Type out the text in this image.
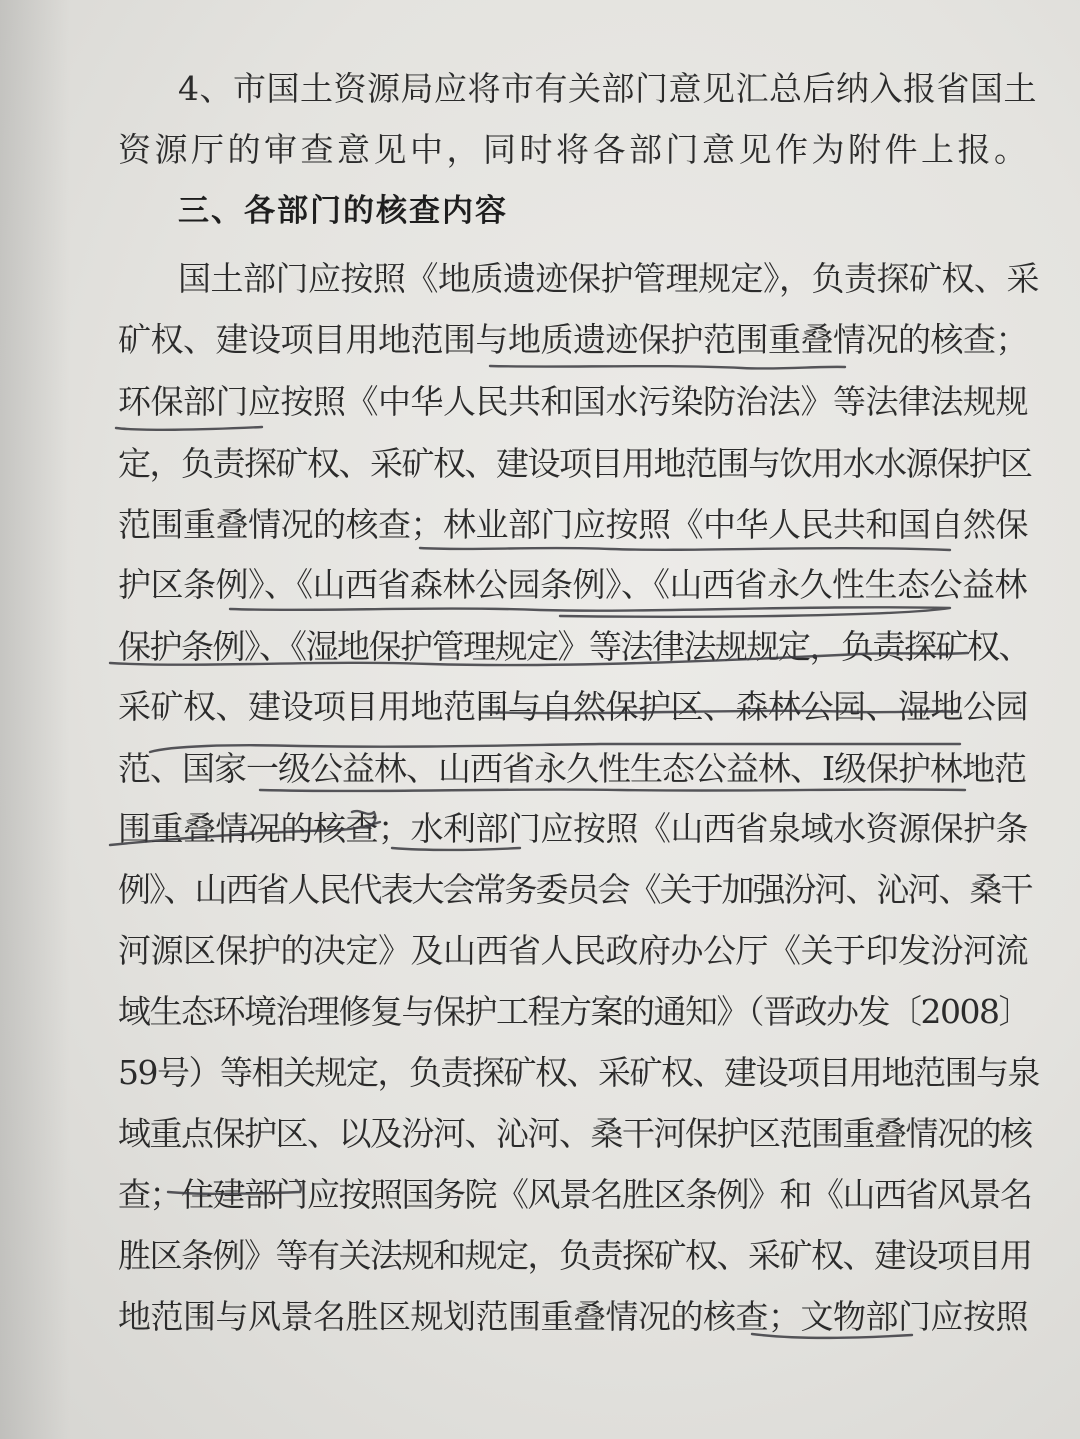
4、市国土资源局应将市有关部门意见汇总后纳入报省国土
资源厅的审查意见中，同时将各部门意见作为附件上报。
三、各部门的核查内容
国土部门应按照《地质遗迹保护管理规定》，负责探矿权、采
矿权、建设项目用地范围与地质遗迹保护范围重叠情况的核查；
环保部门应按照《中华人民共和国水污染防治法》等法律法规规
定，负责探矿权、采矿权、建设项目用地范围与饮用水水源保护区
范围重叠情况的核查；林业部门应按照《中华人民共和国自然保
护区条例》、《山西省森林公园条例》、《山西省永久性生态公益林
保护条例》、《湿地保护管理规定》等法律法规规定，负责探矿权、
采矿权、建设项目用地范围与自然保护区、森林公园、湿地公园
范、国家一级公益林、山西省永久性生态公益林、Ⅰ级保护林地范
围重叠情况的核查；水利部门应按照《山西省泉域水资源保护条
例》、山西省人民代表大会常务委员会《关于加强汾河、沁河、桑干
河源区保护的决定》及山西省人民政府办公厅《关于印发汾河流
域生态环境治理修复与保护工程方案的通知》（晋政办发〔2008〕
59号）等相关规定，负责探矿权、采矿权、建设项目用地范围与泉
域重点保护区、以及汾河、沁河、桑干河保护区范围重叠情况的核
查；住建部门应按照国务院《风景名胜区条例》和《山西省风景名
胜区条例》等有关法规和规定，负责探矿权、采矿权、建设项目用
地范围与风景名胜区规划范围重叠情况的核查；文物部门应按照
